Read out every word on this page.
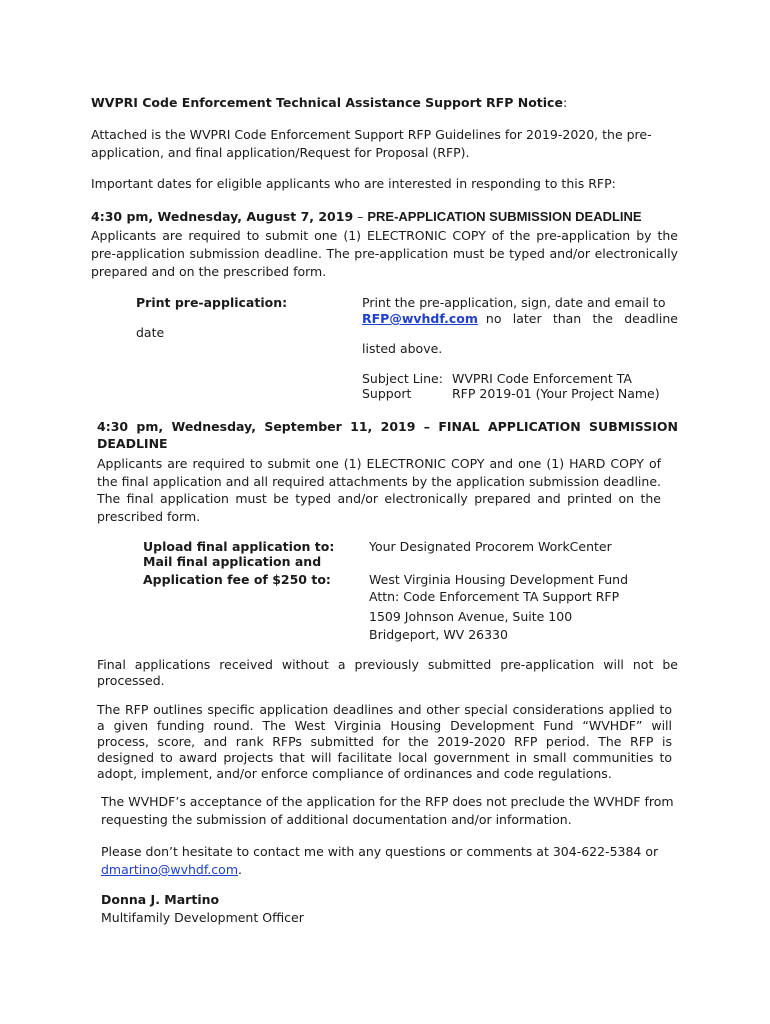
WVPRI Code Enforcement Technical Assistance Support RFP Notice:
Attached is the WVPRI Code Enforcement Support RFP Guidelines for 2019-2020, the pre-application, and final application/Request for Proposal (RFP).
Important dates for eligible applicants who are interested in responding to this RFP:
4:30 pm, Wednesday, August 7, 2019 – PRE-APPLICATION SUBMISSION DEADLINE
Applicants are required to submit one (1) ELECTRONIC COPY of the pre-application by the pre-application submission deadline. The pre-application must be typed and/or electronically prepared and on the prescribed form.
Print pre-application:
date
Print the pre-application, sign, date and email to
RFP@wvhdf.com no later than the deadline
listed above.
Subject Line:
Support
WVPRI Code Enforcement TA
RFP 2019-01 (Your Project Name)
4:30 pm, Wednesday, September 11, 2019 – FINAL APPLICATION SUBMISSION
DEADLINE
Applicants are required to submit one (1) ELECTRONIC COPY and one (1) HARD COPY of the final application and all required attachments by the application submission deadline. The final application must be typed and/or electronically prepared and printed on the prescribed form.
Upload final application to:
Mail final application and
Application fee of $250 to:
Your Designated Procorem WorkCenter
West Virginia Housing Development Fund
Attn: Code Enforcement TA Support RFP
1509 Johnson Avenue, Suite 100
Bridgeport, WV 26330
Final applications received without a previously submitted pre-application will not be processed.
The RFP outlines specific application deadlines and other special considerations applied to a given funding round. The West Virginia Housing Development Fund “WVHDF” will process, score, and rank RFPs submitted for the 2019-2020 RFP period. The RFP is designed to award projects that will facilitate local government in small communities to adopt, implement, and/or enforce compliance of ordinances and code regulations.
The WVHDF’s acceptance of the application for the RFP does not preclude the WVHDF from requesting the submission of additional documentation and/or information.
Please don’t hesitate to contact me with any questions or comments at 304-622-5384 or
dmartino@wvhdf.com.
Donna J. Martino
Multifamily Development Officer
